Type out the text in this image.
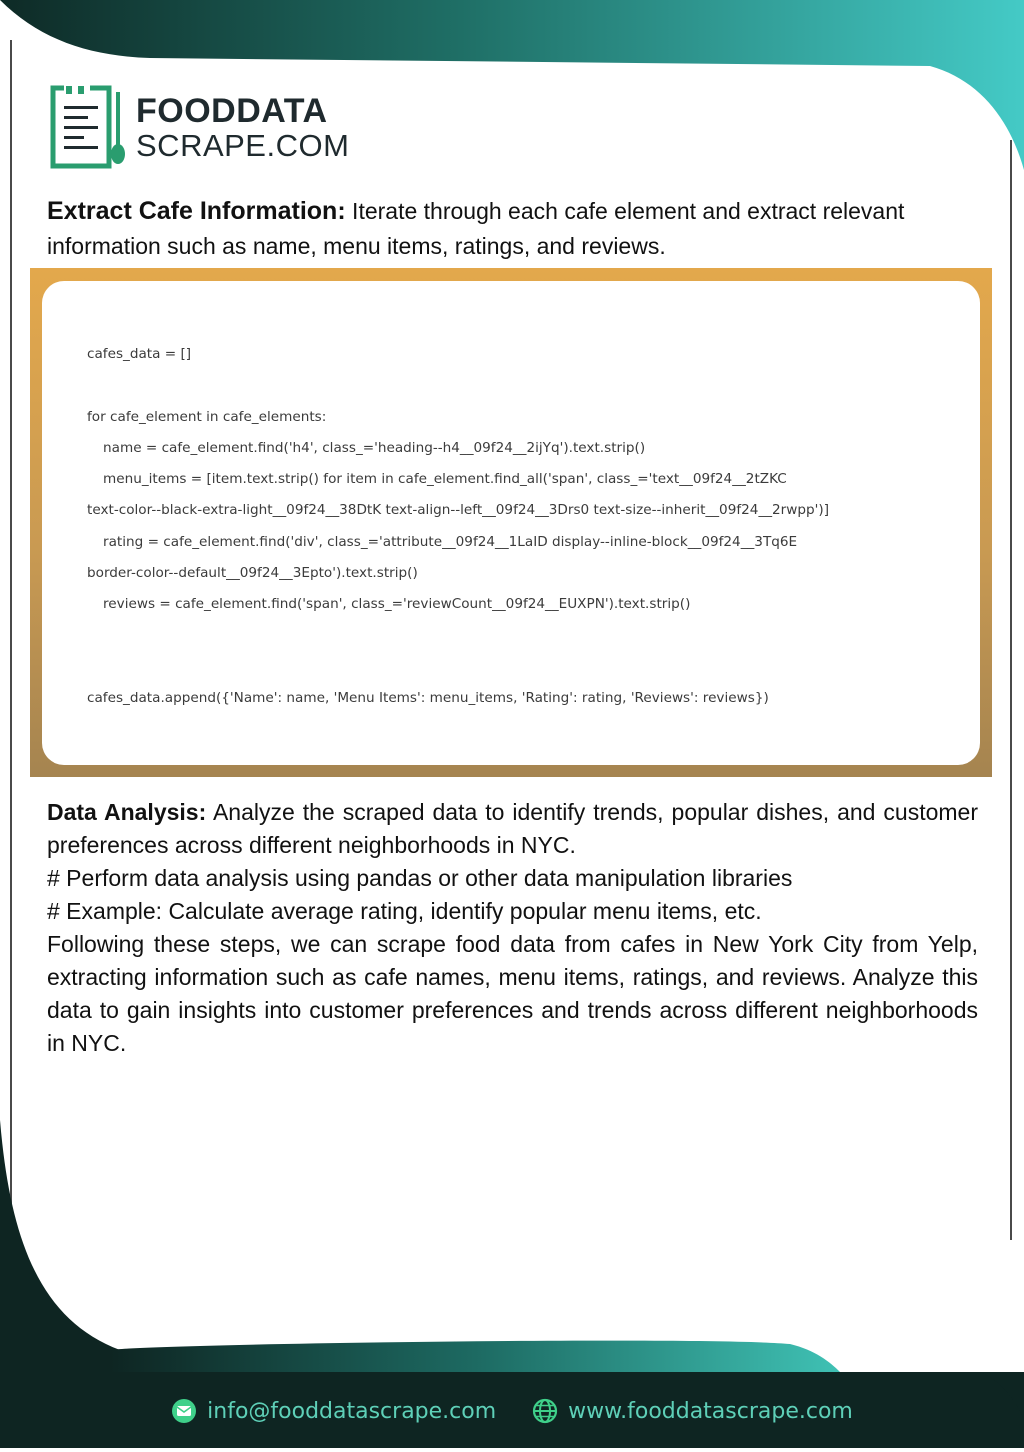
FOODDATA
SCRAPE.COM
Extract Cafe Information: Iterate through each cafe element and extract relevant information such as name, menu items, ratings, and reviews.
cafes_data = []
for cafe_element in cafe_elements:
name = cafe_element.find('h4', class_='heading--h4__09f24__2ijYq').text.strip()
menu_items = [item.text.strip() for item in cafe_element.find_all('span', class_='text__09f24__2tZKC
text-color--black-extra-light__09f24__38DtK text-align--left__09f24__3Drs0 text-size--inherit__09f24__2rwpp')]
rating = cafe_element.find('div', class_='attribute__09f24__1LaID display--inline-block__09f24__3Tq6E
border-color--default__09f24__3Epto').text.strip()
reviews = cafe_element.find('span', class_='reviewCount__09f24__EUXPN').text.strip()
cafes_data.append({'Name': name, 'Menu Items': menu_items, 'Rating': rating, 'Reviews': reviews})

Data Analysis: Analyze the scraped data to identify trends, popular dishes, and customer preferences across different neighborhoods in NYC.

# Perform data analysis using pandas or other data manipulation libraries

# Example: Calculate average rating, identify popular menu items, etc.

Following these steps, we can scrape food data from cafes in New York City from Yelp, extracting information such as cafe names, menu items, ratings, and reviews. Analyze this data to gain insights into customer preferences and trends across different neighborhoods in NYC.

info@fooddatascrape.com	www.fooddatascrape.com
